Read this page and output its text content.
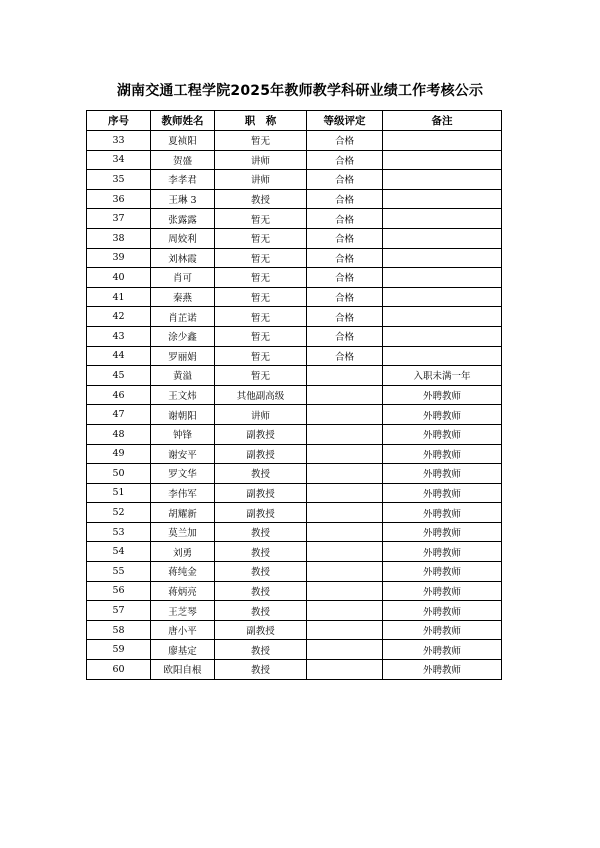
湖南交通工程学院2025年教师教学科研业绩工作考核公示
序号	教师姓名	职　称	等级评定	备注
33	夏祯阳	暂无	合格	
34	贺盛	讲师	合格	
35	李孝君	讲师	合格	
36	王琳 3	教授	合格	
37	张露露	暂无	合格	
38	周姣利	暂无	合格	
39	刘林霞	暂无	合格	
40	肖可	暂无	合格	
41	秦燕	暂无	合格	
42	肖芷诺	暂无	合格	
43	涂少鑫	暂无	合格	
44	罗丽娟	暂无	合格	
45	黄溢	暂无		入职未满一年
46	王文炜	其他副高级		外聘教师
47	谢朝阳	讲师		外聘教师
48	钟锋	副教授		外聘教师
49	谢安平	副教授		外聘教师
50	罗文华	教授		外聘教师
51	李伟军	副教授		外聘教师
52	胡耀新	副教授		外聘教师
53	莫兰加	教授		外聘教师
54	刘勇	教授		外聘教师
55	蒋纯金	教授		外聘教师
56	蒋炳亮	教授		外聘教师
57	王芝琴	教授		外聘教师
58	唐小平	副教授		外聘教师
59	廖基定	教授		外聘教师
60	欧阳自根	教授		外聘教师
